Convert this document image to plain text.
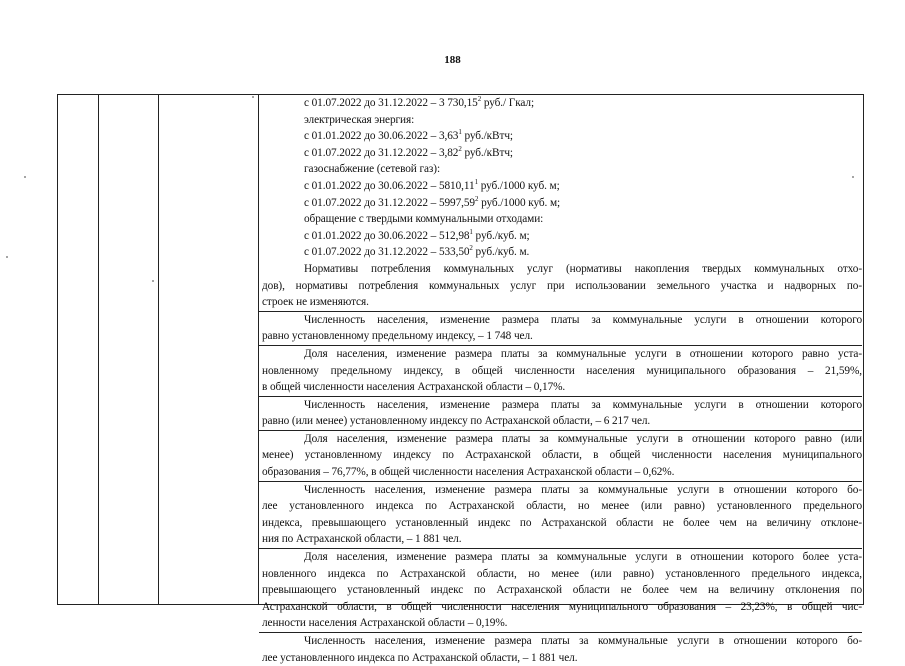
188
с 01.07.2022 до 31.12.2022 – 3 730,15$^2$ руб./ Гкал;
электрическая энергия:
с 01.01.2022 до 30.06.2022 – 3,63$^1$ руб./кВтч;
с 01.07.2022 до 31.12.2022 – 3,82$^2$ руб./кВтч;
газоснабжение (сетевой газ):
с 01.01.2022 до 30.06.2022 – 5810,11$^1$ руб./1000 куб. м;
с 01.07.2022 до 31.12.2022 – 5997,59$^2$ руб./1000 куб. м;
обращение с твердыми коммунальными отходами:
с 01.01.2022 до 30.06.2022 – 512,98$^1$ руб./куб. м;
с 01.07.2022 до 31.12.2022 – 533,50$^2$ руб./куб. м.
Нормативы потребления коммунальных услуг (нормативы накопления твердых коммунальных отхо-
дов), нормативы потребления коммунальных услуг при использовании земельного участка и надворных по-
строек не изменяются.
Численность населения, изменение размера платы за коммунальные услуги в отношении которого
равно установленному предельному индексу, – 1 748 чел.
Доля населения, изменение размера платы за коммунальные услуги в отношении которого равно уста-
новленному предельному индексу, в общей численности населения муниципального образования – 21,59%,
в общей численности населения Астраханской области – 0,17%.
Численность населения, изменение размера платы за коммунальные услуги в отношении которого
равно (или менее) установленному индексу по Астраханской области, – 6 217 чел.
Доля населения, изменение размера платы за коммунальные услуги в отношении которого равно (или
менее) установленному индексу по Астраханской области, в общей численности населения муниципального
образования – 76,77%, в общей численности населения Астраханской области – 0,62%.
Численность населения, изменение размера платы за коммунальные услуги в отношении которого бо-
лее установленного индекса по Астраханской области, но менее (или равно) установленного предельного
индекса, превышающего установленный индекс по Астраханской области не более чем на величину отклоне-
ния по Астраханской области, – 1 881 чел.
Доля населения, изменение размера платы за коммунальные услуги в отношении которого более уста-
новленного индекса по Астраханской области, но менее (или равно) установленного предельного индекса,
превышающего установленный индекс по Астраханской области не более чем на величину отклонения по
Астраханской области, в общей численности населения муниципального образования – 23,23%, в общей чис-
ленности населения Астраханской области – 0,19%.
Численность населения, изменение размера платы за коммунальные услуги в отношении которого бо-
лее установленного индекса по Астраханской области, – 1 881 чел.
